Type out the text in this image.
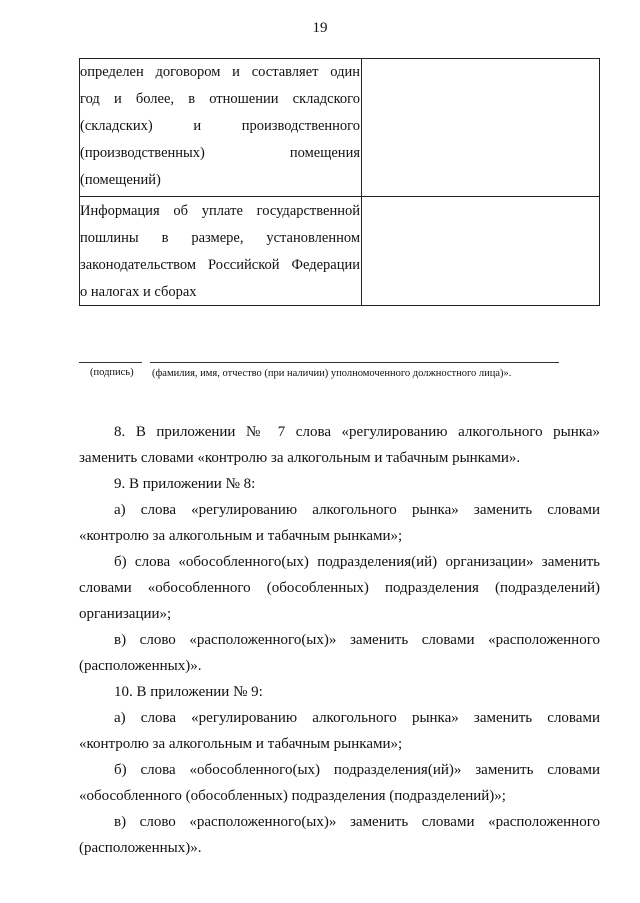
19
определен договором и составляет один
год и более, в отношении складского
(складских) и производственного
(производственных) помещения
(помещений)
Информация об уплате государственной
пошлины в размере, установленном
законодательством Российской Федерации
о налогах и сборах
(подпись) (фамилия, имя, отчество (при наличии) уполномоченного должностного лица)».
8. В приложении № 7 слова «регулированию алкогольного рынка»
заменить словами «контролю за алкогольным и табачным рынками».
9. В приложении № 8:
а) слова «регулированию алкогольного рынка» заменить словами
«контролю за алкогольным и табачным рынками»;
б) слова «обособленного(ых) подразделения(ий) организации» заменить
словами «обособленного (обособленных) подразделения (подразделений)
организации»;
в) слово «расположенного(ых)» заменить словами «расположенного
(расположенных)».
10. В приложении № 9:
а) слова «регулированию алкогольного рынка» заменить словами
«контролю за алкогольным и табачным рынками»;
б) слова «обособленного(ых) подразделения(ий)» заменить словами
«обособленного (обособленных) подразделения (подразделений)»;
в) слово «расположенного(ых)» заменить словами «расположенного
(расположенных)».
